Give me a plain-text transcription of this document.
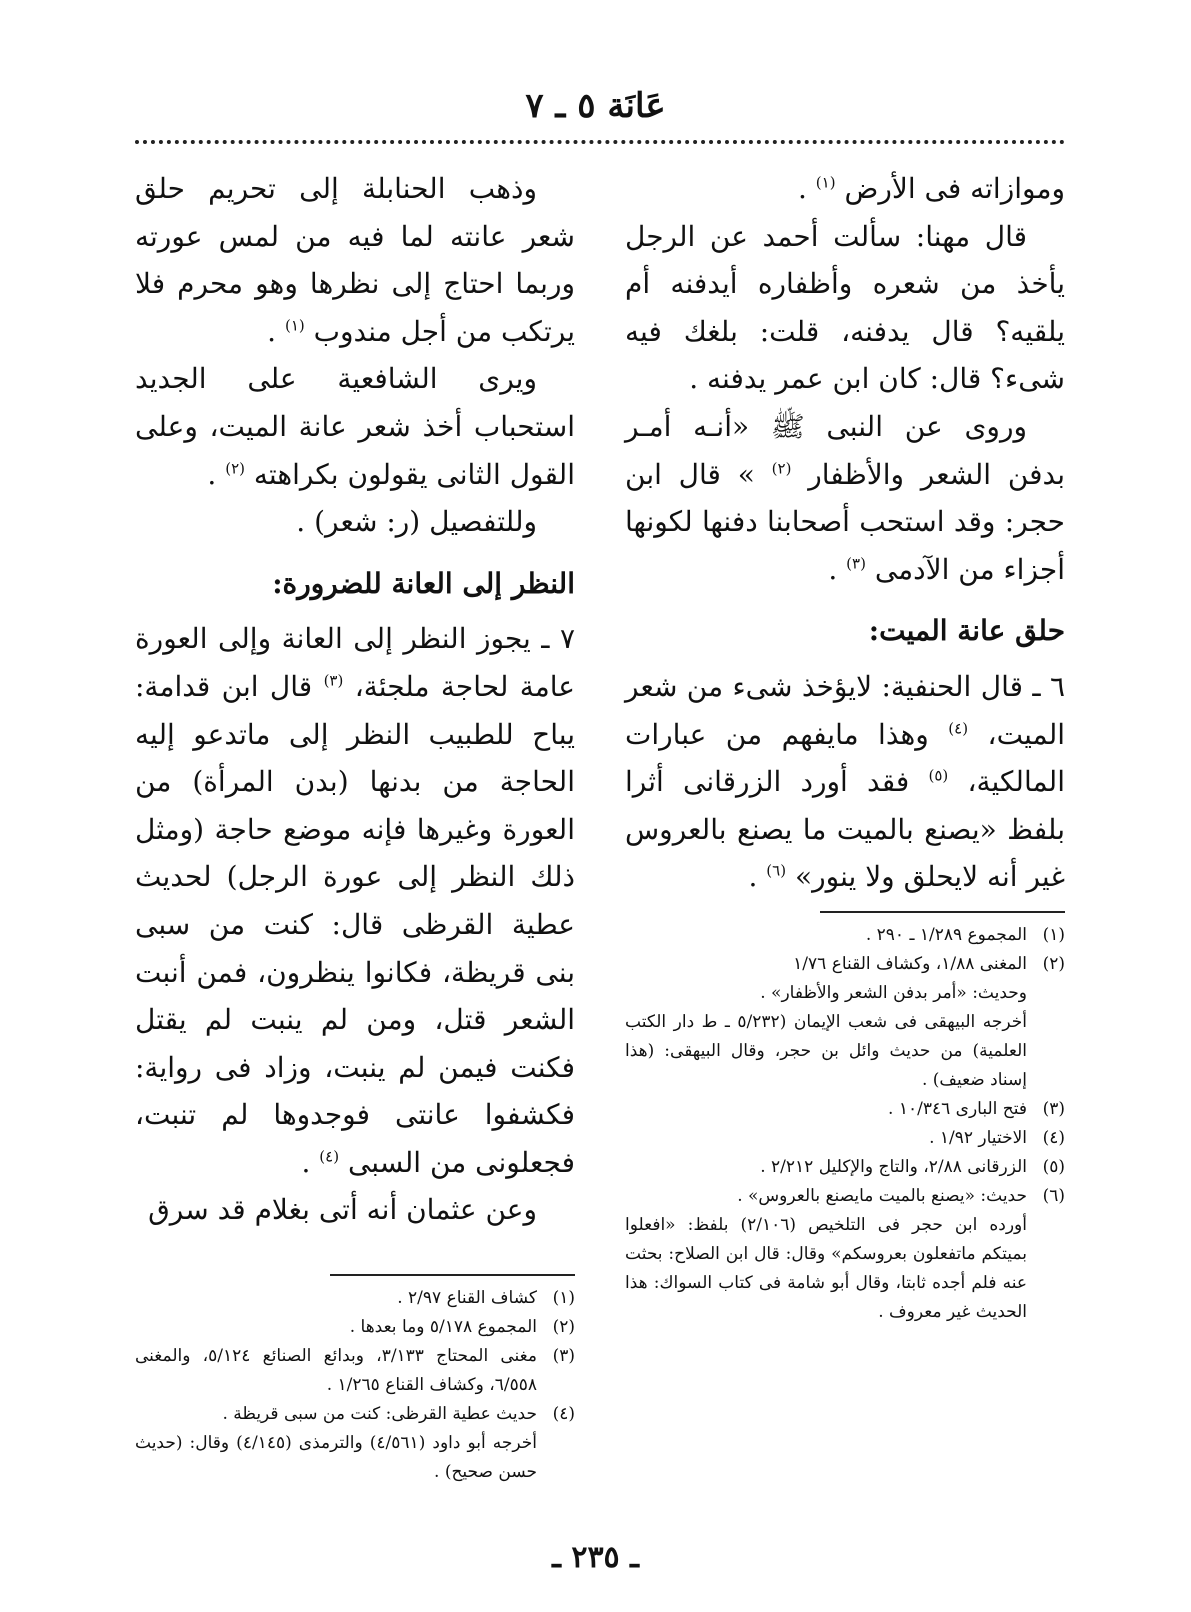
عَانَة ٥ ـ ٧

وموازاته فى الأرض $^{(١)}$ .

قال مهنا: سألت أحمد عن الرجل يأخذ من شعره وأظفاره أيدفنه أم يلقيه؟ قال يدفنه، قلت: بلغك فيه شىء؟ قال: كان ابن عمر يدفنه .

وروى عن النبى ﷺ «أنـه أمـر بدفن الشعر والأظفار $^{(٢)}$ » قال ابن حجر: وقد استحب أصحابنا دفنها لكونها أجزاء من الآدمى $^{(٣)}$ .

حلق عانة الميت:

٦ ـ قال الحنفية: لايؤخذ شىء من شعر الميت، $^{(٤)}$ وهذا مايفهم من عبارات المالكية، $^{(٥)}$ فقد أورد الزرقانى أثرا بلفظ «يصنع بالميت ما يصنع بالعروس غير أنه لايحلق ولا ينور» $^{(٦)}$ .

(١)
المجموع ١/٢٨٩ ـ ٢٩٠ .
(٢)
المغنى ١/٨٨، وكشاف القناع ١/٧٦
وحديث: «أمر بدفن الشعر والأظفار» .
أخرجه البيهقى فى شعب الإيمان (٥/٢٣٢ ـ ط دار الكتب العلمية) من حديث وائل بن حجر، وقال البيهقى: (هذا إسناد ضعيف) .
(٣)
فتح البارى ١٠/٣٤٦ .
(٤)
الاختيار ١/٩٢ .
(٥)
الزرقانى ٢/٨٨، والتاج والإكليل ٢/٢١٢ .
(٦)
حديث: «يصنع بالميت مايصنع بالعروس» .
أورده ابن حجر فى التلخيص (٢/١٠٦) بلفظ: «افعلوا بميتكم ماتفعلون بعروسكم» وقال: قال ابن الصلاح: بحثت عنه فلم أجده ثابتا، وقال أبو شامة فى كتاب السواك: هذا الحديث غير معروف .

وذهب الحنابلة إلى تحريم حلق شعر عانته لما فيه من لمس عورته وربما احتاج إلى نظرها وهو محرم فلا يرتكب من أجل مندوب $^{(١)}$ .

ويرى الشافعية على الجديد استحباب أخذ شعر عانة الميت، وعلى القول الثانى يقولون بكراهته $^{(٢)}$ .

وللتفصيل (ر: شعر) .

النظر إلى العانة للضرورة:

٧ ـ يجوز النظر إلى العانة وإلى العورة عامة لحاجة ملجئة، $^{(٣)}$ قال ابن قدامة: يباح للطبيب النظر إلى ماتدعو إليه الحاجة من بدنها (بدن المرأة) من العورة وغيرها فإنه موضع حاجة (ومثل ذلك النظر إلى عورة الرجل) لحديث عطية القرظى قال: كنت من سبى بنى قريظة، فكانوا ينظرون، فمن أنبت الشعر قتل، ومن لم ينبت لم يقتل فكنت فيمن لم ينبت، وزاد فى رواية: فكشفوا عانتى فوجدوها لم تنبت، فجعلونى من السبى $^{(٤)}$ .

وعن عثمان أنه أتى بغلام قد سرق

(١)
كشاف القناع ٢/٩٧ .
(٢)
المجموع ٥/١٧٨ وما بعدها .
(٣)
مغنى المحتاج ٣/١٣٣، وبدائع الصنائع ٥/١٢٤، والمغنى ٦/٥٥٨، وكشاف القناع ١/٢٦٥ .
(٤)
حديث عطية القرظى: كنت من سبى قريظة .
أخرجه أبو داود (٤/٥٦١) والترمذى (٤/١٤٥) وقال: (حديث حسن صحيح) .
ـ ٢٣٥ ـ
